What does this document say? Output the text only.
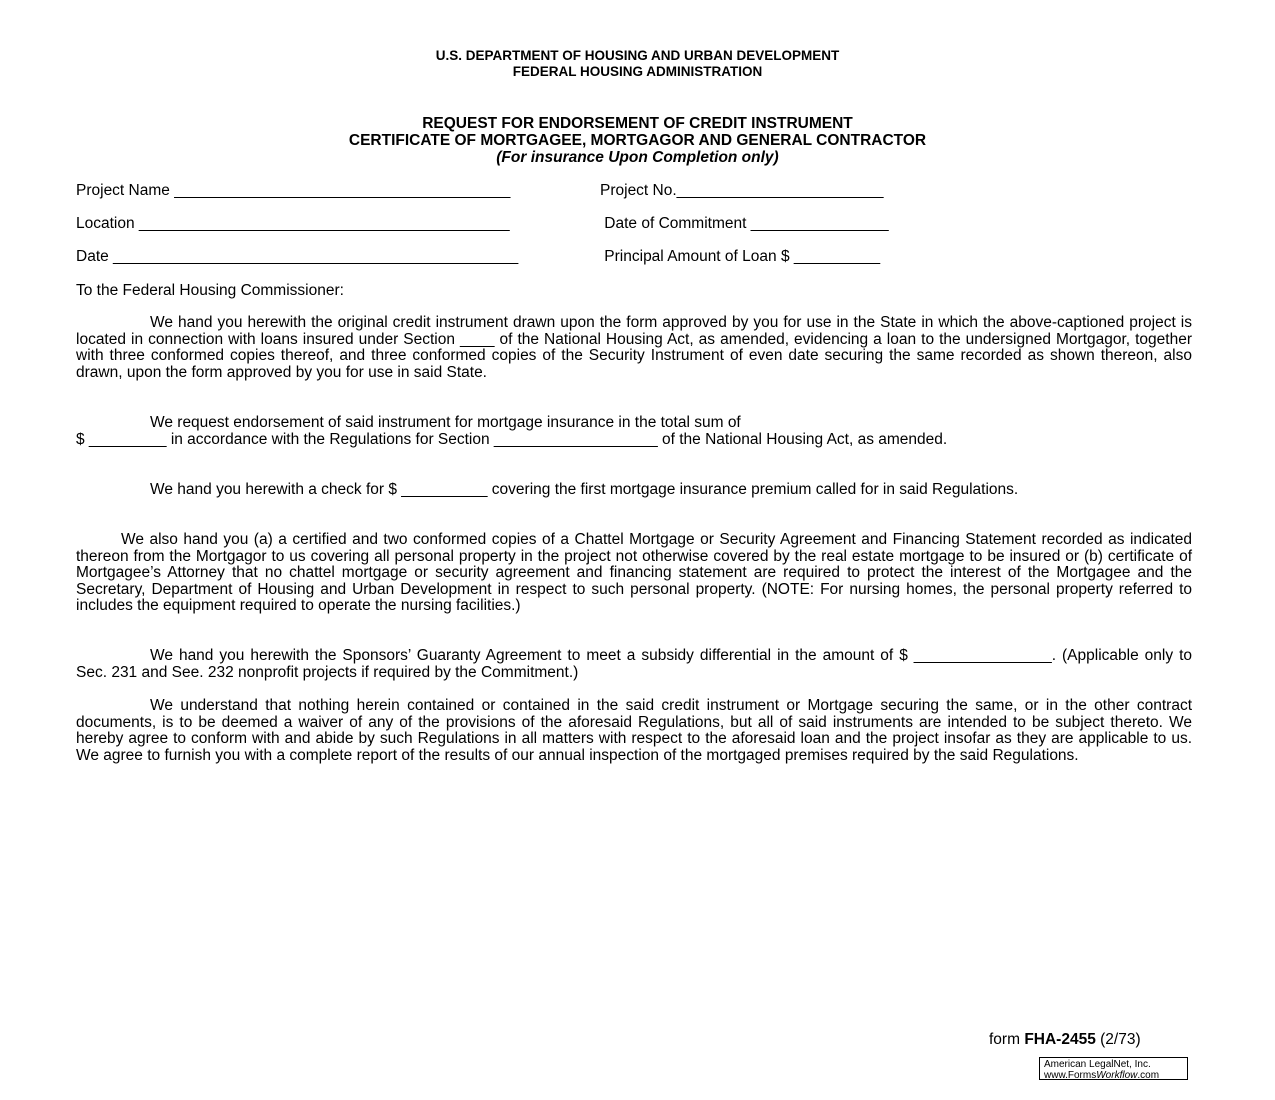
U.S. DEPARTMENT OF HOUSING AND URBAN DEVELOPMENT
FEDERAL HOUSING ADMINISTRATION
REQUEST FOR ENDORSEMENT OF CREDIT INSTRUMENT
CERTIFICATE OF MORTGAGEE, MORTGAGOR AND GENERAL CONTRACTOR
(For insurance Upon Completion only)
Project Name _______________________________________	Project No.________________________
Location ___________________________________________	Date of Commitment ________________
Date _______________________________________________	Principal Amount of Loan $ __________
To the Federal Housing Commissioner:
We hand you herewith the original credit instrument drawn upon the form approved by you for use in the State in which the above-captioned project is located in connection with loans insured under Section ____ of the National Housing Act, as amended, evidencing a loan to the undersigned Mortgagor, together with three conformed copies thereof, and three conformed copies of the Security Instrument of even date securing the same recorded as shown thereon, also drawn, upon the form approved by you for use in said State.
We request endorsement of said instrument for mortgage insurance in the total sum of
$ _________ in accordance with the Regulations for Section ___________________ of the National Housing Act, as amended.
We hand you herewith a check for $ __________ covering the first mortgage insurance premium called for in said Regulations.
We also hand you (a) a certified and two conformed copies of a Chattel Mortgage or Security Agreement and Financing Statement recorded as indicated thereon from the Mortgagor to us covering all personal property in the project not otherwise covered by the real estate mortgage to be insured or (b) certificate of Mortgagee’s Attorney that no chattel mortgage or security agreement and financing statement are required to protect the interest of the Mortgagee and the Secretary, Department of Housing and Urban Development in respect to such personal property. (NOTE: For nursing homes, the personal property referred to includes the equipment required to operate the nursing facilities.)
We hand you herewith the Sponsors’ Guaranty Agreement to meet a subsidy differential in the amount of $ ________________. (Applicable only to Sec. 231 and See. 232 nonprofit projects if required by the Commitment.)
We understand that nothing herein contained or contained in the said credit instrument or Mortgage securing the same, or in the other contract documents, is to be deemed a waiver of any of the provisions of the aforesaid Regulations, but all of said instruments are intended to be subject thereto. We hereby agree to conform with and abide by such Regulations in all matters with respect to the aforesaid loan and the project insofar as they are applicable to us. We agree to furnish you with a complete report of the results of our annual inspection of the mortgaged premises required by the said Regulations.
form FHA-2455 (2/73)
American LegalNet, Inc.
www.FormsWorkflow.com
